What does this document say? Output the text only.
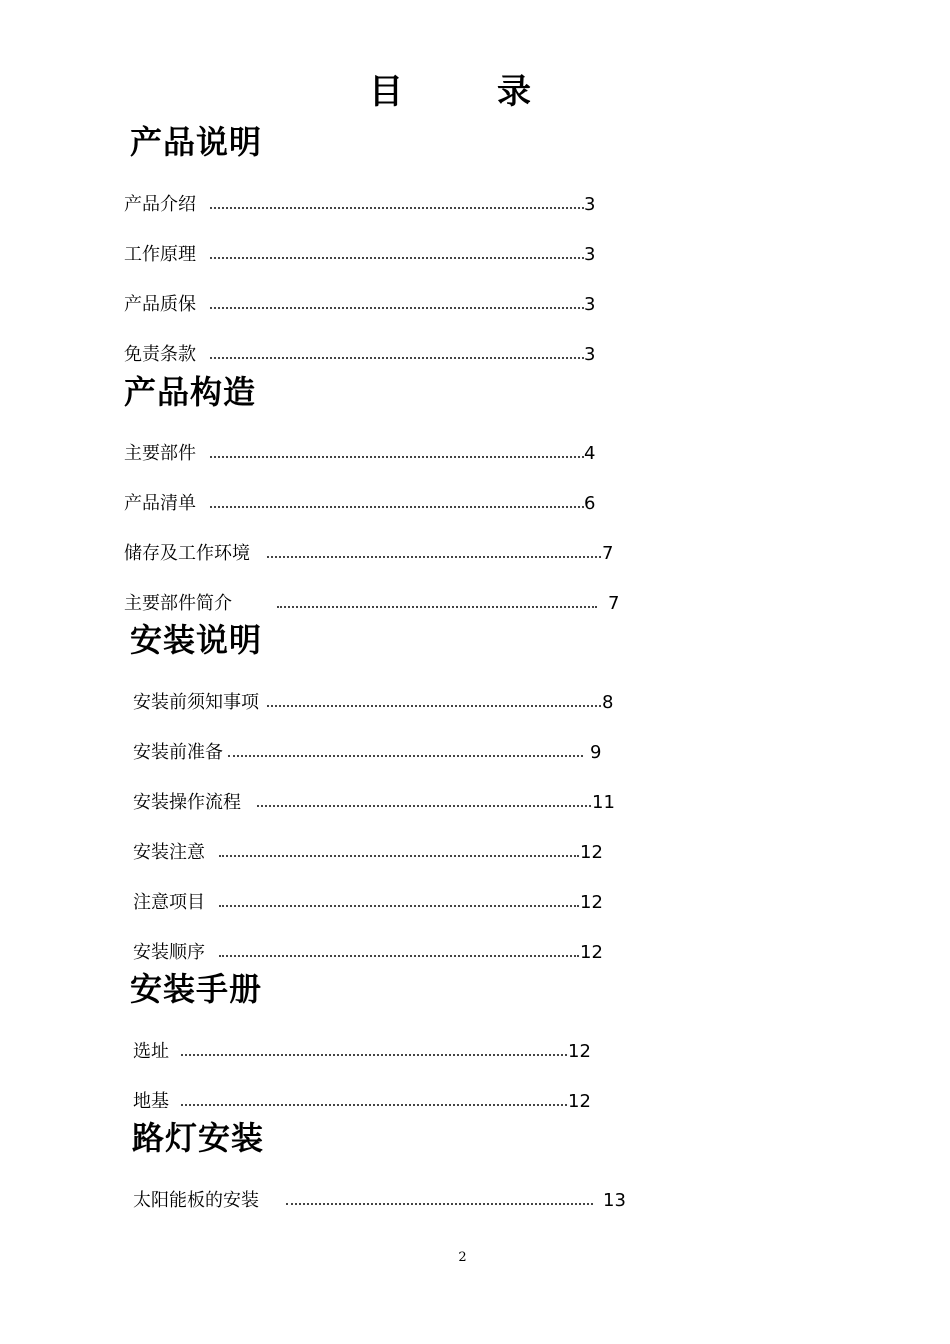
目　录
产品说明
产品介绍	3
工作原理	3
产品质保	3
免责条款	3
产品构造
主要部件	4
产品清单	6
储存及工作环境	7
主要部件简介	7
安装说明
安装前须知事项	8
安装前准备	9
安装操作流程	11
安装注意	12
注意项目	12
安装顺序	12
安装手册
选址	12
地基	12
路灯安装
太阳能板的安装	13
2
